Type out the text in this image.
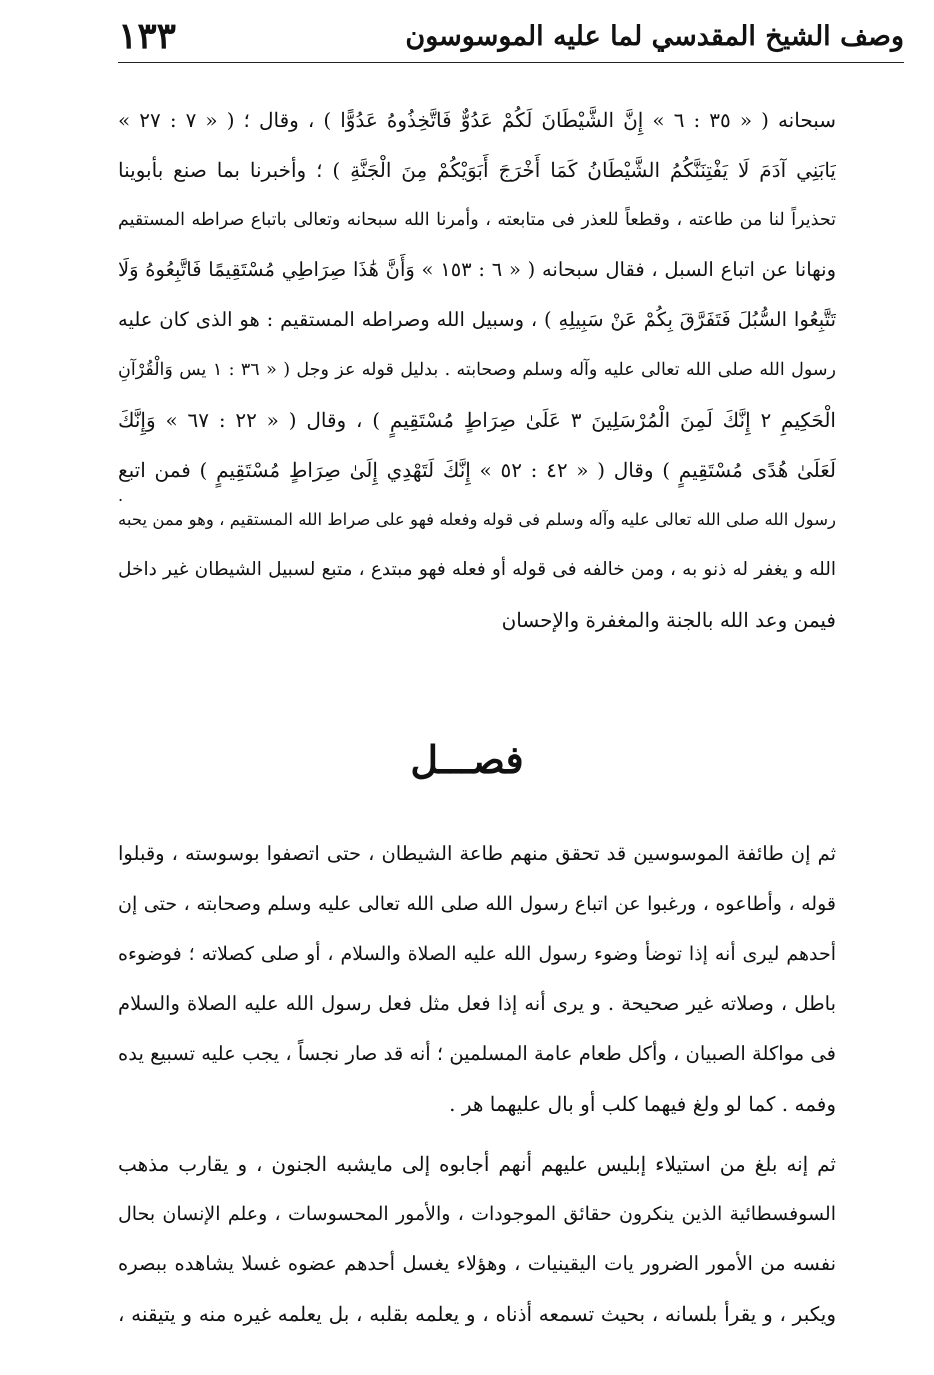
وصف الشيخ المقدسي لما عليه الموسوسون
١٣٣
سبحانه ( « ٣٥ : ٦ » إِنَّ الشَّيْطَانَ لَكُمْ عَدُوٌّ فَاتَّخِذُوهُ عَدُوًّا ) ، وقال ؛ ( « ٧ : ٢٧ »
يَابَنِي آدَمَ لَا يَفْتِنَنَّكُمُ الشَّيْطَانُ كَمَا أَخْرَجَ أَبَوَيْكُمْ مِنَ الْجَنَّةِ ) ؛ وأخبرنا بما صنع بأبوينا
تحذيراً لنا من طاعته ، وقطعاً للعذر فى متابعته ، وأمرنا الله سبحانه وتعالى باتباع صراطه المستقيم
ونهانا عن اتباع السبل ، فقال سبحانه ( « ٦ : ١٥٣ » وَأَنَّ هَٰذَا صِرَاطِي مُسْتَقِيمًا فَاتَّبِعُوهُ وَلَا
تَتَّبِعُوا السُّبُلَ فَتَفَرَّقَ بِكُمْ عَنْ سَبِيلِهِ ) ، وسبيل الله وصراطه المستقيم : هو الذى كان عليه
رسول الله صلى الله تعالى عليه وآله وسلم وصحابته . بدليل قوله عز وجل ( « ٣٦ : ١ يس وَالْقُرْآنِ
الْحَكِيمِ ٢ إِنَّكَ لَمِنَ الْمُرْسَلِينَ ٣ عَلَىٰ صِرَاطٍ مُسْتَقِيمٍ ) ، وقال ( « ٢٢ : ٦٧ » وَإِنَّكَ
لَعَلَىٰ هُدًى مُسْتَقِيمٍ ) وقال ( « ٤٢ : ٥٢ » إِنَّكَ لَتَهْدِي إِلَىٰ صِرَاطٍ مُسْتَقِيمٍ ) فمن اتبع
رسول الله صلى الله تعالى عليه وآله وسلم فى قوله وفعله فهو على صراط الله المستقيم ، وهو ممن يحبه
الله و يغفر له ذنو به ، ومن خالفه فى قوله أو فعله فهو مبتدع ، متبع لسبيل الشيطان غير داخل
فيمن وعد الله بالجنة والمغفرة والإحسان
.
فصـــل
ثم إن طائفة الموسوسين قد تحقق منهم طاعة الشيطان ، حتى اتصفوا بوسوسته ، وقبلوا
قوله ، وأطاعوه ، ورغبوا عن اتباع رسول الله صلى الله تعالى عليه وسلم وصحابته ، حتى إن
أحدهم ليرى أنه إذا توضأ وضوء رسول الله عليه الصلاة والسلام ، أو صلى كصلاته ؛ فوضوءه
باطل ، وصلاته غير صحيحة . و يرى أنه إذا فعل مثل فعل رسول الله عليه الصلاة والسلام
فى مواكلة الصبيان ، وأكل طعام عامة المسلمين ؛ أنه قد صار نجساً ، يجب عليه تسبيع يده
وفمه . كما لو ولغ فيهما كلب أو بال عليهما هر .
ثم إنه بلغ من استيلاء إبليس عليهم أنهم أجابوه إلى مايشبه الجنون ، و يقارب مذهب
السوفسطائية الذين ينكرون حقائق الموجودات ، والأمور المحسوسات ، وعلم الإنسان بحال
نفسه من الأمور الضرور يات اليقينيات ، وهؤلاء يغسل أحدهم عضوه غسلا يشاهده ببصره
ويكبر ، و يقرأ بلسانه ، بحيث تسمعه أذناه ، و يعلمه بقلبه ، بل يعلمه غيره منه و يتيقنه ،
